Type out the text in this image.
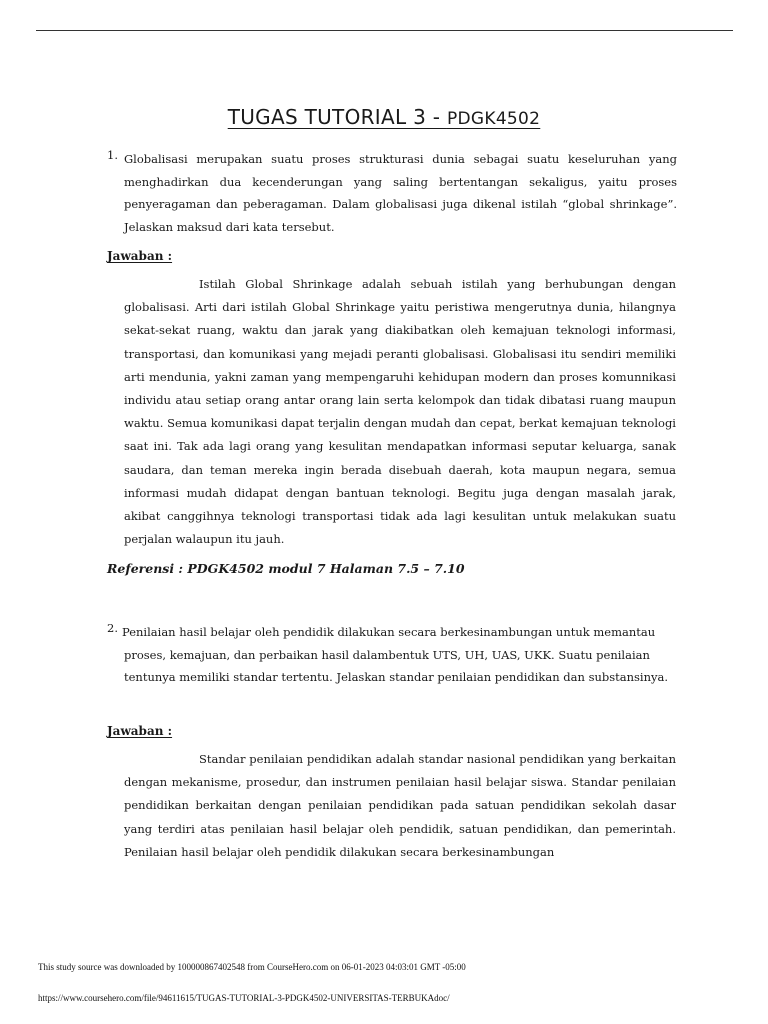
TUGAS TUTORIAL 3 - PDGK4502
1. Globalisasi merupakan suatu proses strukturasi dunia sebagai suatu keseluruhan yang menghadirkan dua kecenderungan yang saling bertentangan sekaligus, yaitu proses penyeragaman dan peberagaman. Dalam globalisasi juga dikenal istilah “global shrinkage”. Jelaskan maksud dari kata tersebut.
Jawaban :

Istilah Global Shrinkage adalah sebuah istilah yang berhubungan dengan globalisasi. Arti dari istilah Global Shrinkage yaitu peristiwa mengerutnya dunia, hilangnya sekat-sekat ruang, waktu dan jarak yang diakibatkan oleh kemajuan teknologi informasi, transportasi, dan komunikasi yang mejadi peranti globalisasi. Globalisasi itu sendiri memiliki arti mendunia, yakni zaman yang mempengaruhi kehidupan modern dan proses komunnikasi individu atau setiap orang antar orang lain serta kelompok dan tidak dibatasi ruang maupun waktu. Semua komunikasi dapat terjalin dengan mudah dan cepat, berkat kemajuan teknologi saat ini. Tak ada lagi orang yang kesulitan mendapatkan informasi seputar keluarga, sanak saudara, dan teman mereka ingin berada disebuah daerah, kota maupun negara, semua informasi mudah didapat dengan bantuan teknologi. Begitu juga dengan masalah jarak, akibat canggihnya teknologi transportasi tidak ada lagi kesulitan untuk melakukan suatu perjalan walaupun itu jauh.

Referensi : PDGK4502 modul 7 Halaman 7.5 – 7.10
2. Penilaian hasil belajar oleh pendidik dilakukan secara berkesinambungan untuk memantau
proses, kemajuan, dan perbaikan hasil dalambentuk UTS, UH, UAS, UKK. Suatu penilaian tentunya memiliki standar tertentu. Jelaskan standar penilaian pendidikan dan substansinya.
Jawaban :

Standar penilaian pendidikan adalah standar nasional pendidikan yang berkaitan dengan mekanisme, prosedur, dan instrumen penilaian hasil belajar siswa. Standar penilaian pendidikan berkaitan dengan penilaian pendidikan pada satuan pendidikan sekolah dasar yang terdiri atas penilaian hasil belajar oleh pendidik, satuan pendidikan, dan pemerintah. Penilaian hasil belajar oleh pendidik dilakukan secara berkesinambungan

This study source was downloaded by 100000867402548 from CourseHero.com on 06-01-2023 04:03:01 GMT -05:00
https://www.coursehero.com/file/94611615/TUGAS-TUTORIAL-3-PDGK4502-UNIVERSITAS-TERBUKAdoc/
